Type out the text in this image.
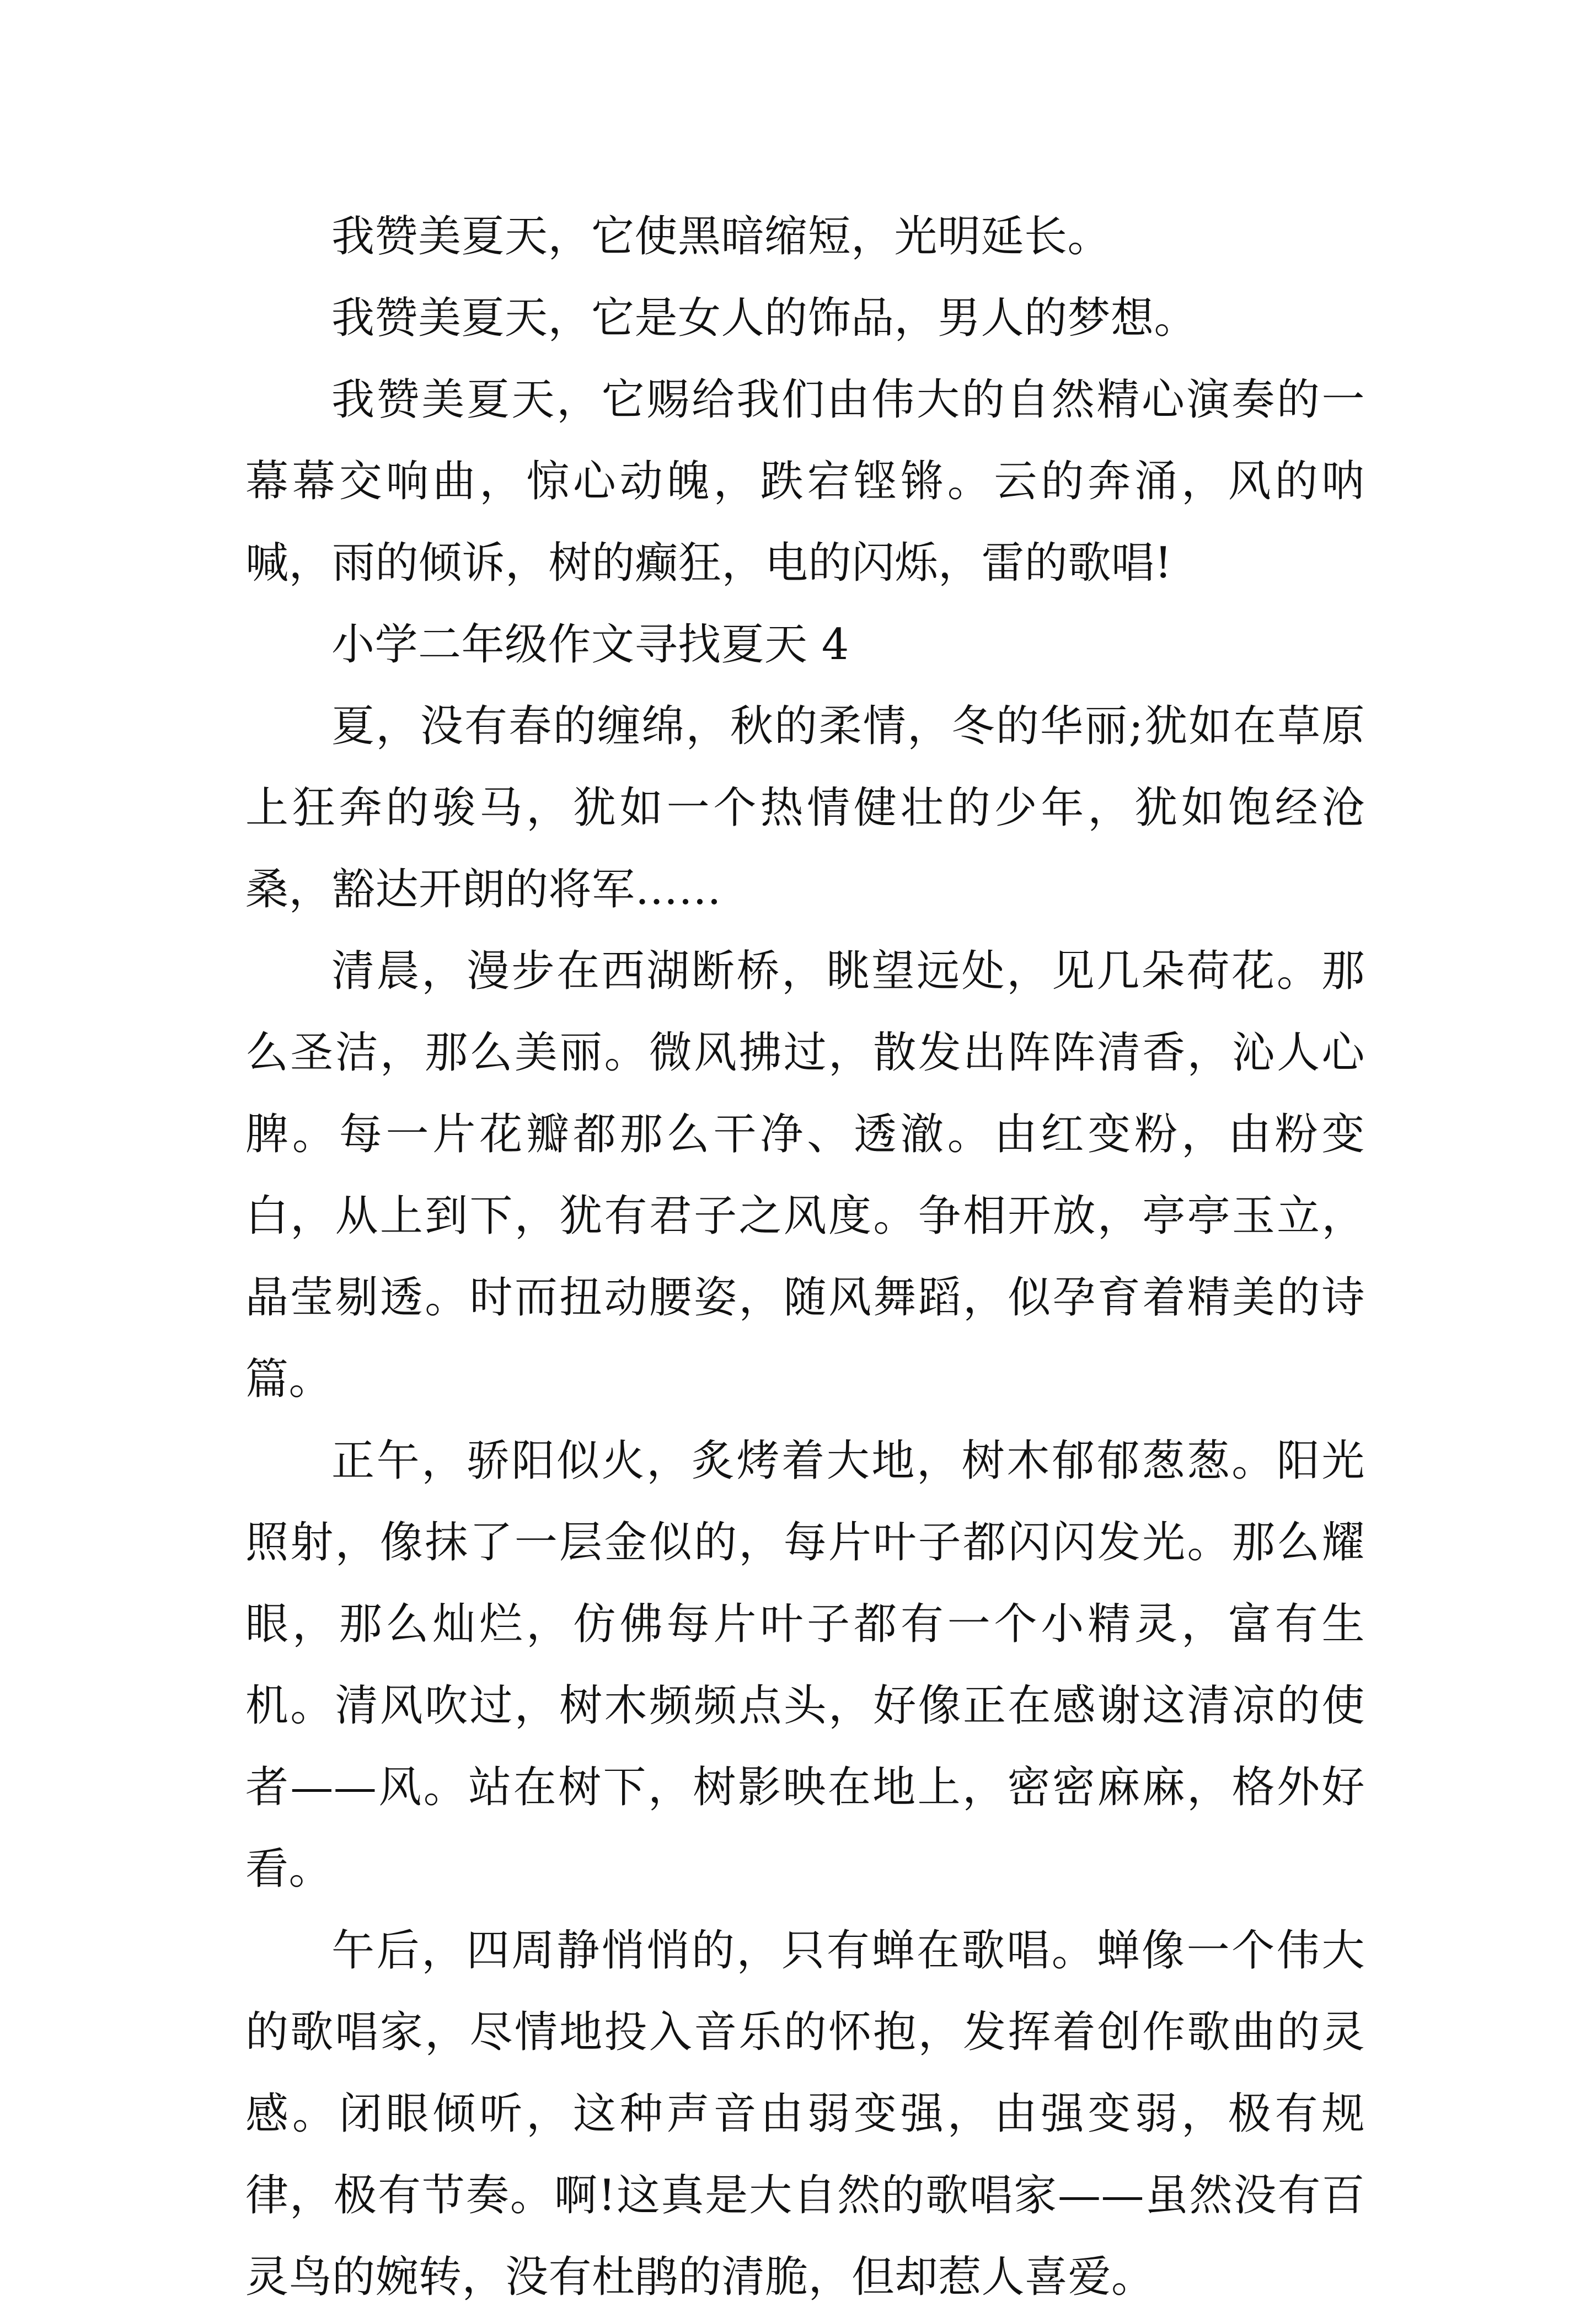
我赞美夏天，它使黑暗缩短，光明延长。

我赞美夏天，它是女人的饰品，男人的梦想。

我赞美夏天，它赐给我们由伟大的自然精心演奏的一幕幕交响曲，惊心动魄，跌宕铿锵。云的奔涌，风的呐喊，雨的倾诉，树的癫狂，电的闪烁，雷的歌唱!

小学二年级作文寻找夏天 4

夏，没有春的缠绵，秋的柔情，冬的华丽;犹如在草原上狂奔的骏马，犹如一个热情健壮的少年，犹如饱经沧桑，豁达开朗的将军……

清晨，漫步在西湖断桥，眺望远处，见几朵荷花。那么圣洁，那么美丽。微风拂过，散发出阵阵清香，沁人心脾。每一片花瓣都那么干净、透澈。由红变粉，由粉变白，从上到下，犹有君子之风度。争相开放，亭亭玉立，晶莹剔透。时而扭动腰姿，随风舞蹈，似孕育着精美的诗篇。

正午，骄阳似火，炙烤着大地，树木郁郁葱葱。阳光照射，像抹了一层金似的，每片叶子都闪闪发光。那么耀眼，那么灿烂，仿佛每片叶子都有一个小精灵，富有生机。清风吹过，树木频频点头，好像正在感谢这清凉的使者——风。站在树下，树影映在地上，密密麻麻，格外好看。

午后，四周静悄悄的，只有蝉在歌唱。蝉像一个伟大的歌唱家，尽情地投入音乐的怀抱，发挥着创作歌曲的灵感。闭眼倾听，这种声音由弱变强，由强变弱，极有规律，极有节奏。啊!这真是大自然的歌唱家——虽然没有百灵鸟的婉转，没有杜鹃的清脆，但却惹人喜爱。
